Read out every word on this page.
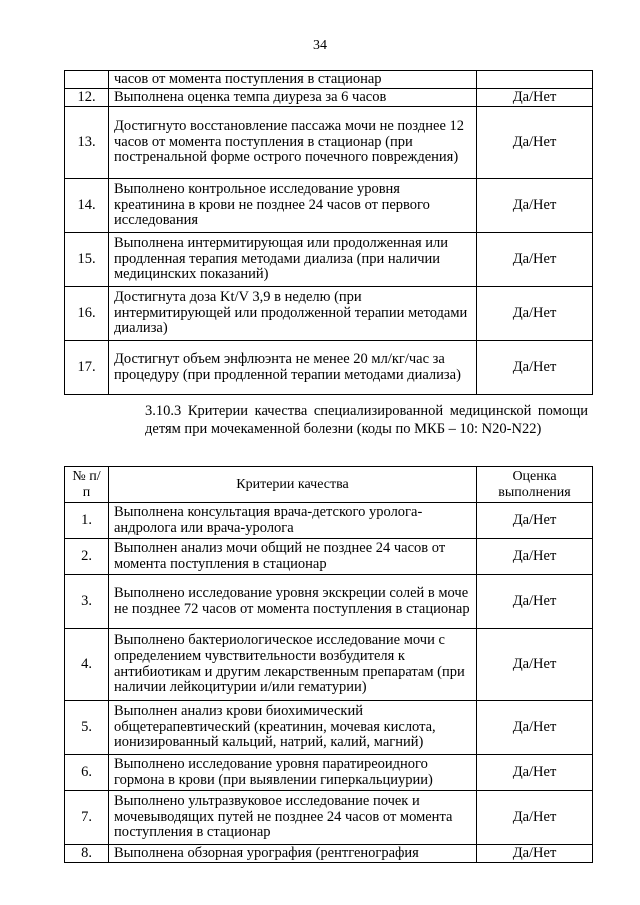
34
	часов от момента поступления в стационар	
12.	Выполнена оценка темпа диуреза за 6 часов	Да/Нет
13.	Достигнуто восстановление пассажа мочи не позднее 12 часов от момента поступления в стационар (при постренальной форме острого почечного повреждения)	Да/Нет
14.	Выполнено контрольное исследование уровня креатинина в крови не позднее 24 часов от первого исследования	Да/Нет
15.	Выполнена интермитирующая или продолженная или продленная терапия методами диализа (при наличии медицинских показаний)	Да/Нет
16.	Достигнута доза Kt/V 3,9 в неделю (при интермитирующей или продолженной терапии методами диализа)	Да/Нет
17.	Достигнут объем энфлюэнта не менее 20 мл/кг/час за процедуру (при продленной терапии методами диализа)	Да/Нет
3.10.3 Критерии качества специализированной медицинской помощи детям при мочекаменной болезни (коды по МКБ – 10: N20-N22)
№ п/п	Критерии качества	Оценка выполнения
1.	Выполнена консультация врача-детского уролога-андролога или врача-уролога	Да/Нет
2.	Выполнен анализ мочи общий не позднее 24 часов от момента поступления в стационар	Да/Нет
3.	Выполнено исследование уровня экскреции солей в моче не позднее 72 часов от момента поступления в стационар	Да/Нет
4.	Выполнено бактериологическое исследование мочи с определением чувствительности возбудителя к антибиотикам и другим лекарственным препаратам (при наличии лейкоцитурии и/или гематурии)	Да/Нет
5.	Выполнен анализ крови биохимический общетерапевтический (креатинин, мочевая кислота, ионизированный кальций, натрий, калий, магний)	Да/Нет
6.	Выполнено исследование уровня паратиреоидного гормона в крови (при выявлении гиперкальциурии)	Да/Нет
7.	Выполнено ультразвуковое исследование почек и мочевыводящих путей не позднее 24 часов от момента поступления в стационар	Да/Нет
8.	Выполнена обзорная урография (рентгенография	Да/Нет
